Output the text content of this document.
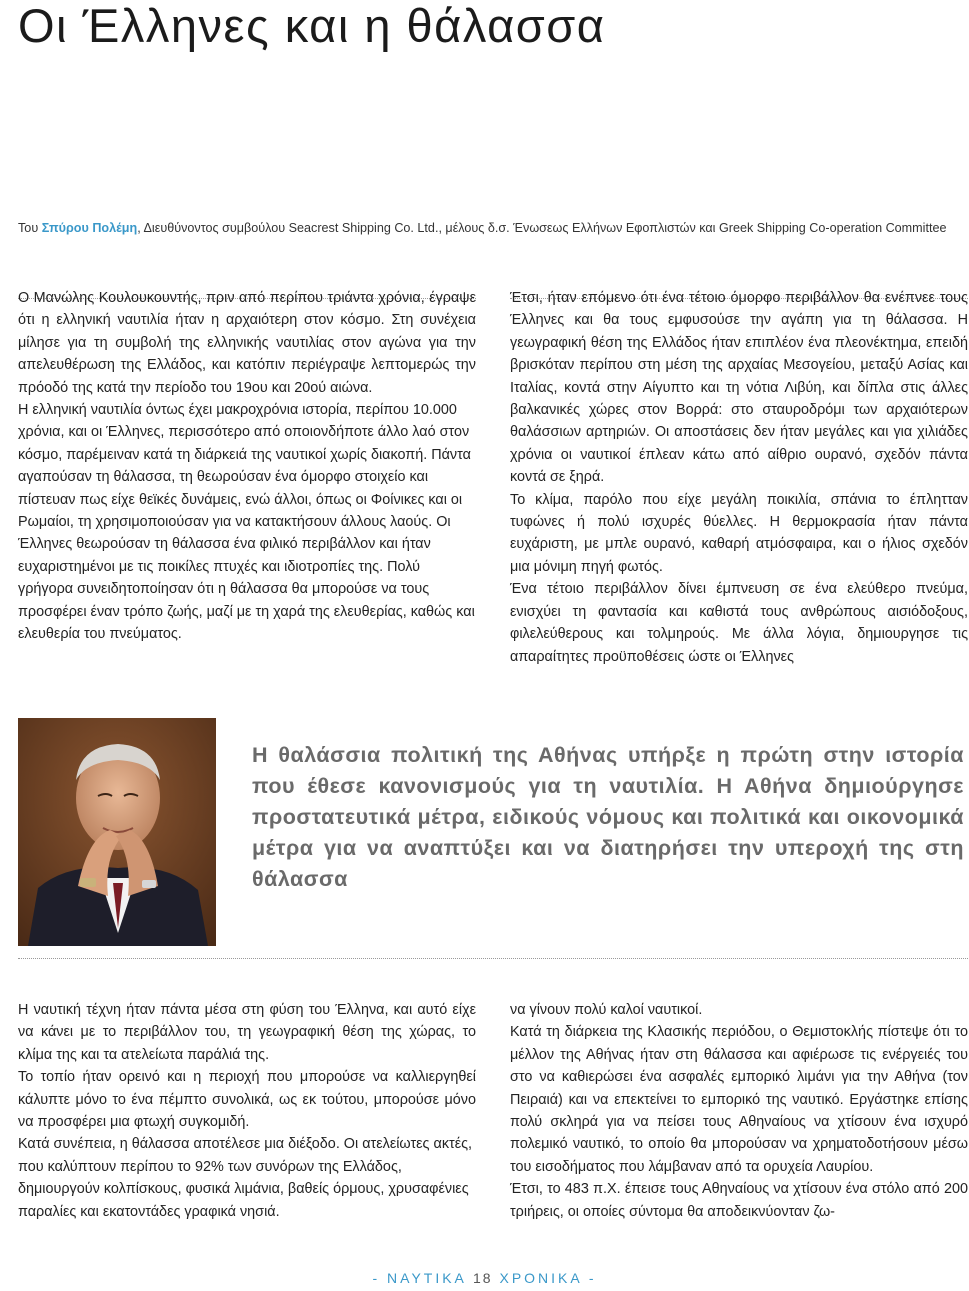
Οι Έλληνες και η θάλασσα
Του Σπύρου Πολέμη, Διευθύνοντος συμβούλου Seacrest Shipping Co. Ltd., μέλους δ.σ. Ένωσεως Ελλήνων Εφοπλιστών και Greek Shipping Co-operation Committee

Ο Μανώλης Κουλουκουντής, πριν από περίπου τριάντα χρόνια, έγραψε ότι η ελληνική ναυτιλία ήταν η αρχαιότερη στον κόσμο. Στη συνέχεια μίλησε για τη συμβολή της ελληνικής ναυτιλίας στον αγώνα για την απελευθέρωση της Ελλάδος, και κατόπιν περιέγραψε λεπτομερώς την πρόοδό της κατά την περίοδο του 19ου και 20ού αιώνα.

Η ελληνική ναυτιλία όντως έχει μακροχρόνια ιστορία, περίπου 10.000 χρόνια, και οι Έλληνες, περισσότερο από οποιονδήποτε άλλο λαό στον κόσμο, παρέμειναν κατά τη διάρκειά της ναυτικοί χωρίς διακοπή. Πάντα αγαπούσαν τη θάλασσα, τη θεωρούσαν ένα όμορφο στοιχείο και πίστευαν πως είχε θεϊκές δυνάμεις, ενώ άλλοι, όπως οι Φοίνικες και οι Ρωμαίοι, τη χρησιμοποιούσαν για να κατακτήσουν άλλους λαούς. Οι Έλληνες θεωρούσαν τη θάλασσα ένα φιλικό περιβάλλον και ήταν ευχαριστημένοι με τις ποικίλες πτυχές και ιδιοτροπίες της. Πολύ γρήγορα συνειδητοποίησαν ότι η θάλασσα θα μπορούσε να τους προσφέρει έναν τρόπο ζωής, μαζί με τη χαρά της ελευθερίας, καθώς και ελευθερία του πνεύματος.

Έτσι, ήταν επόμενο ότι ένα τέτοιο όμορφο περιβάλλον θα ενέπνεε τους Έλληνες και θα τους εμφυσούσε την αγάπη για τη θάλασσα. Η γεωγραφική θέση της Ελλάδος ήταν επιπλέον ένα πλεονέκτημα, επειδή βρισκόταν περίπου στη μέση της αρχαίας Μεσογείου, μεταξύ Ασίας και Ιταλίας, κοντά στην Αίγυπτο και τη νότια Λιβύη, και δίπλα στις άλλες βαλκανικές χώρες στον Βορρά: στο σταυροδρόμι των αρχαιότερων θαλάσσιων αρτηριών. Οι αποστάσεις δεν ήταν μεγάλες και για χιλιάδες χρόνια οι ναυτικοί έπλεαν κάτω από αίθριο ουρανό, σχεδόν πάντα κοντά σε ξηρά.

Το κλίμα, παρόλο που είχε μεγάλη ποικιλία, σπάνια το έπλητταν τυφώνες ή πολύ ισχυρές θύελλες. Η θερμοκρασία ήταν πάντα ευχάριστη, με μπλε ουρανό, καθαρή ατμόσφαιρα, και ο ήλιος σχεδόν μια μόνιμη πηγή φωτός.

Ένα τέτοιο περιβάλλον δίνει έμπνευση σε ένα ελεύθερο πνεύμα, ενισχύει τη φαντασία και καθιστά τους ανθρώπους αισιόδοξους, φιλελεύθερους και τολμηρούς. Με άλλα λόγια, δημιουργησε τις απαραίτητες προϋποθέσεις ώστε οι Έλληνες

Η θαλάσσια πολιτική της Αθήνας υπήρξε η πρώτη στην ιστορία που έθεσε κανονισμούς για τη ναυτιλία. Η Αθήνα δημιούργησε προστατευτικά μέτρα, ειδικούς νόμους και πολιτικά και οικονομικά μέτρα για να αναπτύξει και να διατηρήσει την υπεροχή της στη θάλασσα

Η ναυτική τέχνη ήταν πάντα μέσα στη φύση του Έλληνα, και αυτό είχε να κάνει με το περιβάλλον του, τη γεωγραφική θέση της χώρας, το κλίμα της και τα ατελείωτα παράλιά της.

Το τοπίο ήταν ορεινό και η περιοχή που μπορούσε να καλλιεργηθεί κάλυπτε μόνο το ένα πέμπτο συνολικά, ως εκ τούτου, μπορούσε μόνο να προσφέρει μια φτωχή συγκομιδή.

Κατά συνέπεια, η θάλασσα αποτέλεσε μια διέξοδο. Οι ατελείωτες ακτές, που καλύπτουν περίπου το 92% των συνόρων της Ελλάδος, δημιουργούν κολπίσκους, φυσικά λιμάνια, βαθείς όρμους, χρυσαφένιες παραλίες και εκατοντάδες γραφικά νησιά.

να γίνουν πολύ καλοί ναυτικοί.

Κατά τη διάρκεια της Κλασικής περιόδου, ο Θεμιστοκλής πίστεψε ότι το μέλλον της Αθήνας ήταν στη θάλασσα και αφιέρωσε τις ενέργειές του στο να καθιερώσει ένα ασφαλές εμπορικό λιμάνι για την Αθήνα (τον Πειραιά) και να επεκτείνει το εμπορικό της ναυτικό. Εργάστηκε επίσης πολύ σκληρά για να πείσει τους Αθηναίους να χτίσουν ένα ισχυρό πολεμικό ναυτικό, το οποίο θα μπορούσαν να χρηματοδοτήσουν μέσω του εισοδήματος που λάμβαναν από τα ορυχεία Λαυρίου.

Έτσι, το 483 π.Χ. έπεισε τους Αθηναίους να χτίσουν ένα στόλο από 200 τριήρεις, οι οποίες σύντομα θα αποδεικνύονταν ζω-

- ΝΑΥΤΙΚΑ 18 ΧΡΟΝΙΚΑ -
